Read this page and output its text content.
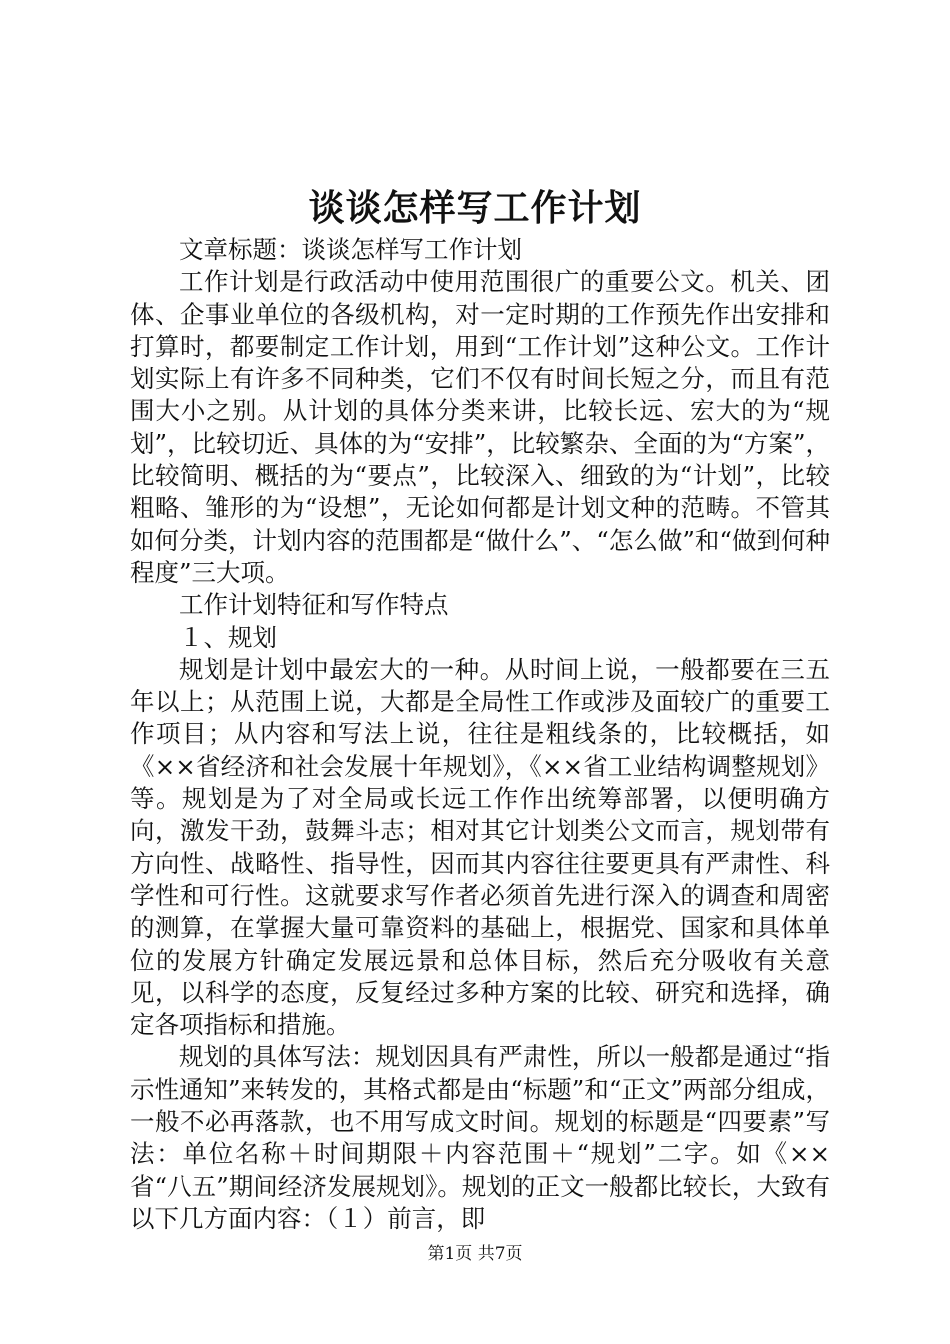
谈谈怎样写工作计划

文章标题：谈谈怎样写工作计划

工作计划是行政活动中使用范围很广的重要公文。机关、团体、企事业单位的各级机构，对一定时期的工作预先作出安排和打算时，都要制定工作计划，用到“工作计划”这种公文。工作计划实际上有许多不同种类，它们不仅有时间长短之分，而且有范围大小之别。从计划的具体分类来讲，比较长远、宏大的为“规划”，比较切近、具体的为“安排”，比较繁杂、全面的为“方案”，比较简明、概括的为“要点”，比较深入、细致的为“计划”，比较粗略、雏形的为“设想”，无论如何都是计划文种的范畴。不管其如何分类，计划内容的范围都是“做什么”、“怎么做”和“做到何种程度”三大项。

工作计划特征和写作特点

１、规划

规划是计划中最宏大的一种。从时间上说，一般都要在三五年以上；从范围上说，大都是全局性工作或涉及面较广的重要工作项目；从内容和写法上说，往往是粗线条的，比较概括，如《××省经济和社会发展十年规划》，《××省工业结构调整规划》等。规划是为了对全局或长远工作作出统筹部署，以便明确方向，激发干劲，鼓舞斗志；相对其它计划类公文而言，规划带有方向性、战略性、指导性，因而其内容往往要更具有严肃性、科学性和可行性。这就要求写作者必须首先进行深入的调查和周密的测算，在掌握大量可靠资料的基础上，根据党、国家和具体单位的发展方针确定发展远景和总体目标，然后充分吸收有关意见，以科学的态度，反复经过多种方案的比较、研究和选择，确定各项指标和措施。

规划的具体写法：规划因具有严肃性，所以一般都是通过“指示性通知”来转发的，其格式都是由“标题”和“正文”两部分组成，一般不必再落款，也不用写成文时间。规划的标题是“四要素”写法：单位名称＋时间期限＋内容范围＋“规划”二字。如《××省“八五”期间经济发展规划》。规划的正文一般都比较长，大致有以下几方面内容：（１）前言，即

第1页 共7页
